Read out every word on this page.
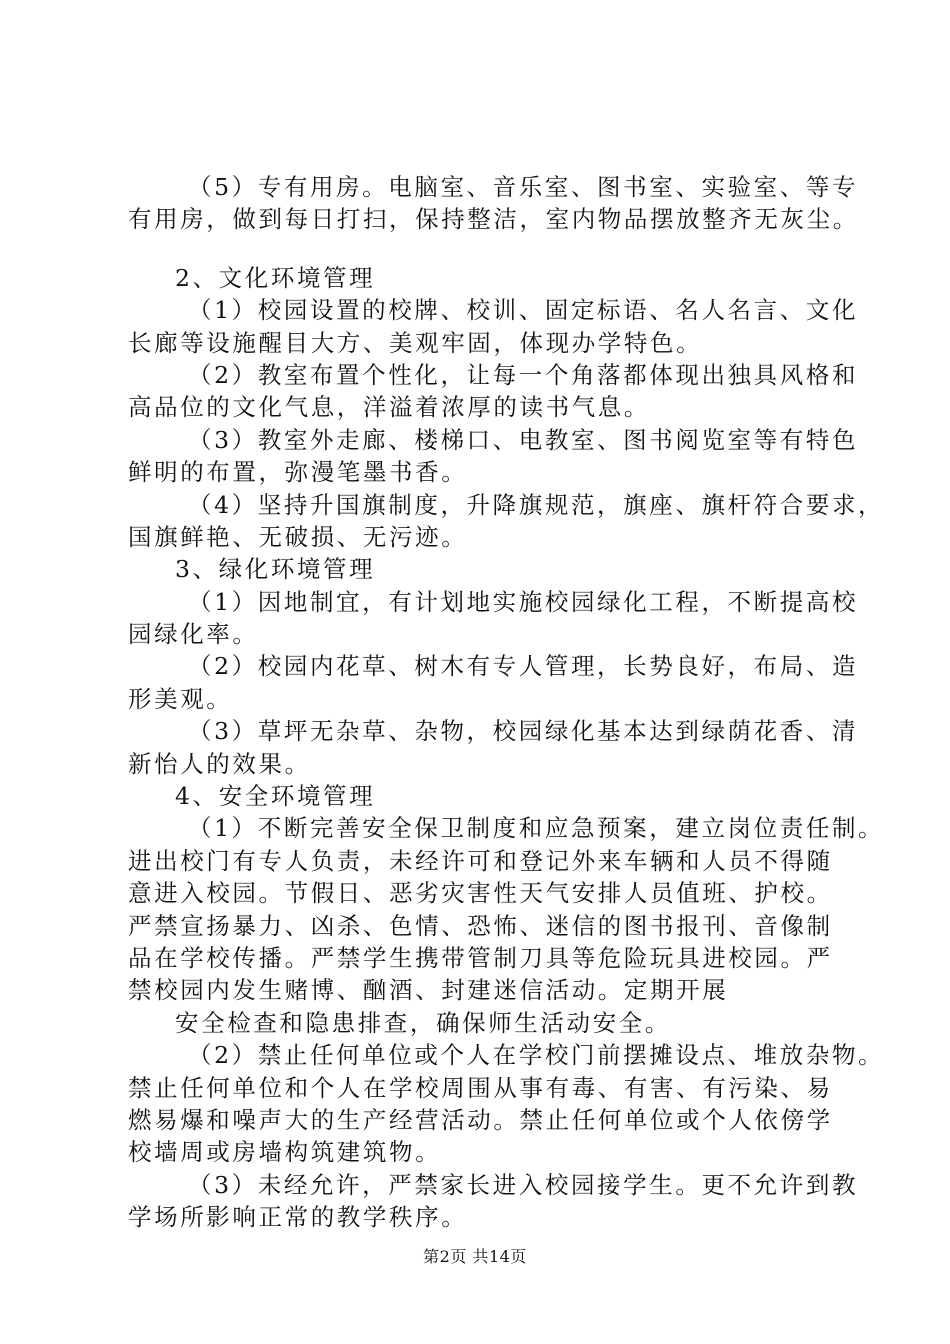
（5）专有用房。电脑室、音乐室、图书室、实验室、等专
有用房，做到每日打扫，保持整洁，室内物品摆放整齐无灰尘。
2、文化环境管理
（1）校园设置的校牌、校训、固定标语、名人名言、文化
长廊等设施醒目大方、美观牢固，体现办学特色。
（2）教室布置个性化，让每一个角落都体现出独具风格和
高品位的文化气息，洋溢着浓厚的读书气息。
（3）教室外走廊、楼梯口、电教室、图书阅览室等有特色
鲜明的布置，弥漫笔墨书香。
（4）坚持升国旗制度，升降旗规范，旗座、旗杆符合要求，
国旗鲜艳、无破损、无污迹。
3、绿化环境管理
（1）因地制宜，有计划地实施校园绿化工程，不断提高校
园绿化率。
（2）校园内花草、树木有专人管理，长势良好，布局、造
形美观。
（3）草坪无杂草、杂物，校园绿化基本达到绿荫花香、清
新怡人的效果。
4、安全环境管理
（1）不断完善安全保卫制度和应急预案，建立岗位责任制。
进出校门有专人负责，未经许可和登记外来车辆和人员不得随
意进入校园。节假日、恶劣灾害性天气安排人员值班、护校。
严禁宣扬暴力、凶杀、色情、恐怖、迷信的图书报刊、音像制
品在学校传播。严禁学生携带管制刀具等危险玩具进校园。严
禁校园内发生赌博、酗酒、封建迷信活动。定期开展
安全检查和隐患排查，确保师生活动安全。
（2）禁止任何单位或个人在学校门前摆摊设点、堆放杂物。
禁止任何单位和个人在学校周围从事有毒、有害、有污染、易
燃易爆和噪声大的生产经营活动。禁止任何单位或个人依傍学
校墙周或房墙构筑建筑物。
（3）未经允许，严禁家长进入校园接学生。更不允许到教
学场所影响正常的教学秩序。
第2页 共14页
